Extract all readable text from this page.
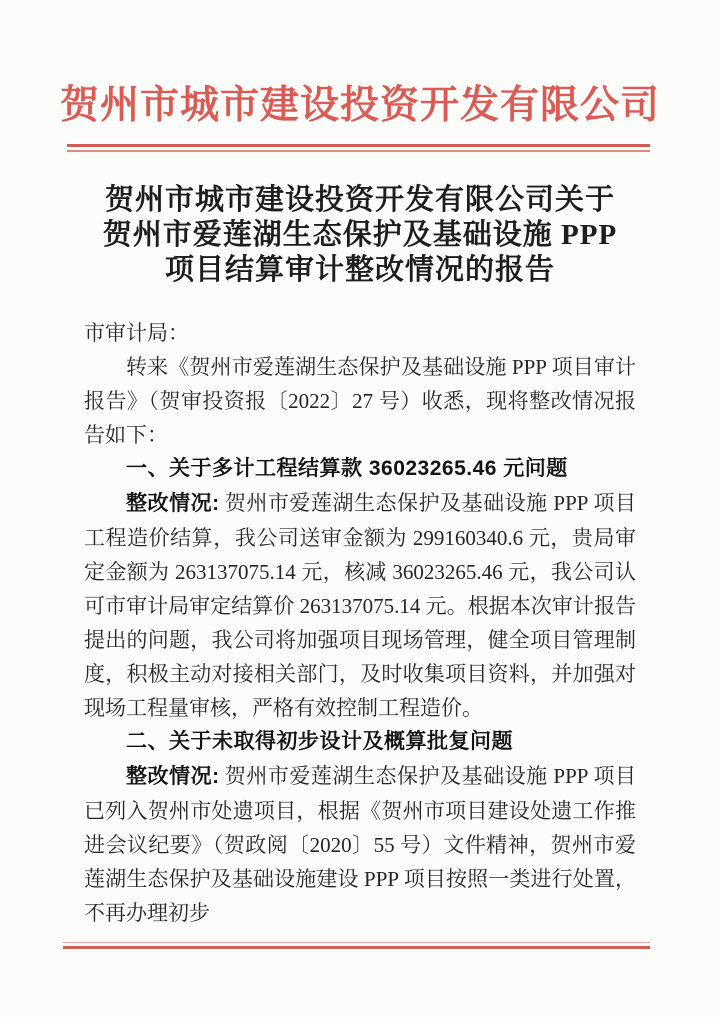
贺州市城市建设投资开发有限公司
贺州市城市建设投资开发有限公司关于
贺州市爱莲湖生态保护及基础设施 PPP
项目结算审计整改情况的报告

市审计局：

转来《贺州市爱莲湖生态保护及基础设施 PPP 项目审计报告》（贺审投资报〔2022〕27 号）收悉，现将整改情况报告如下：

一、关于多计工程结算款 36023265.46 元问题

整改情况: 贺州市爱莲湖生态保护及基础设施 PPP 项目工程造价结算，我公司送审金额为 299160340.6 元，贵局审定金额为 263137075.14 元，核减 36023265.46 元，我公司认可市审计局审定结算价 263137075.14 元。根据本次审计报告提出的问题，我公司将加强项目现场管理，健全项目管理制度，积极主动对接相关部门，及时收集项目资料，并加强对现场工程量审核，严格有效控制工程造价。

二、关于未取得初步设计及概算批复问题

整改情况: 贺州市爱莲湖生态保护及基础设施 PPP 项目已列入贺州市处遗项目，根据《贺州市项目建设处遗工作推进会议纪要》（贺政阅〔2020〕55 号）文件精神，贺州市爱莲湖生态保护及基础设施建设 PPP 项目按照一类进行处置，不再办理初步
